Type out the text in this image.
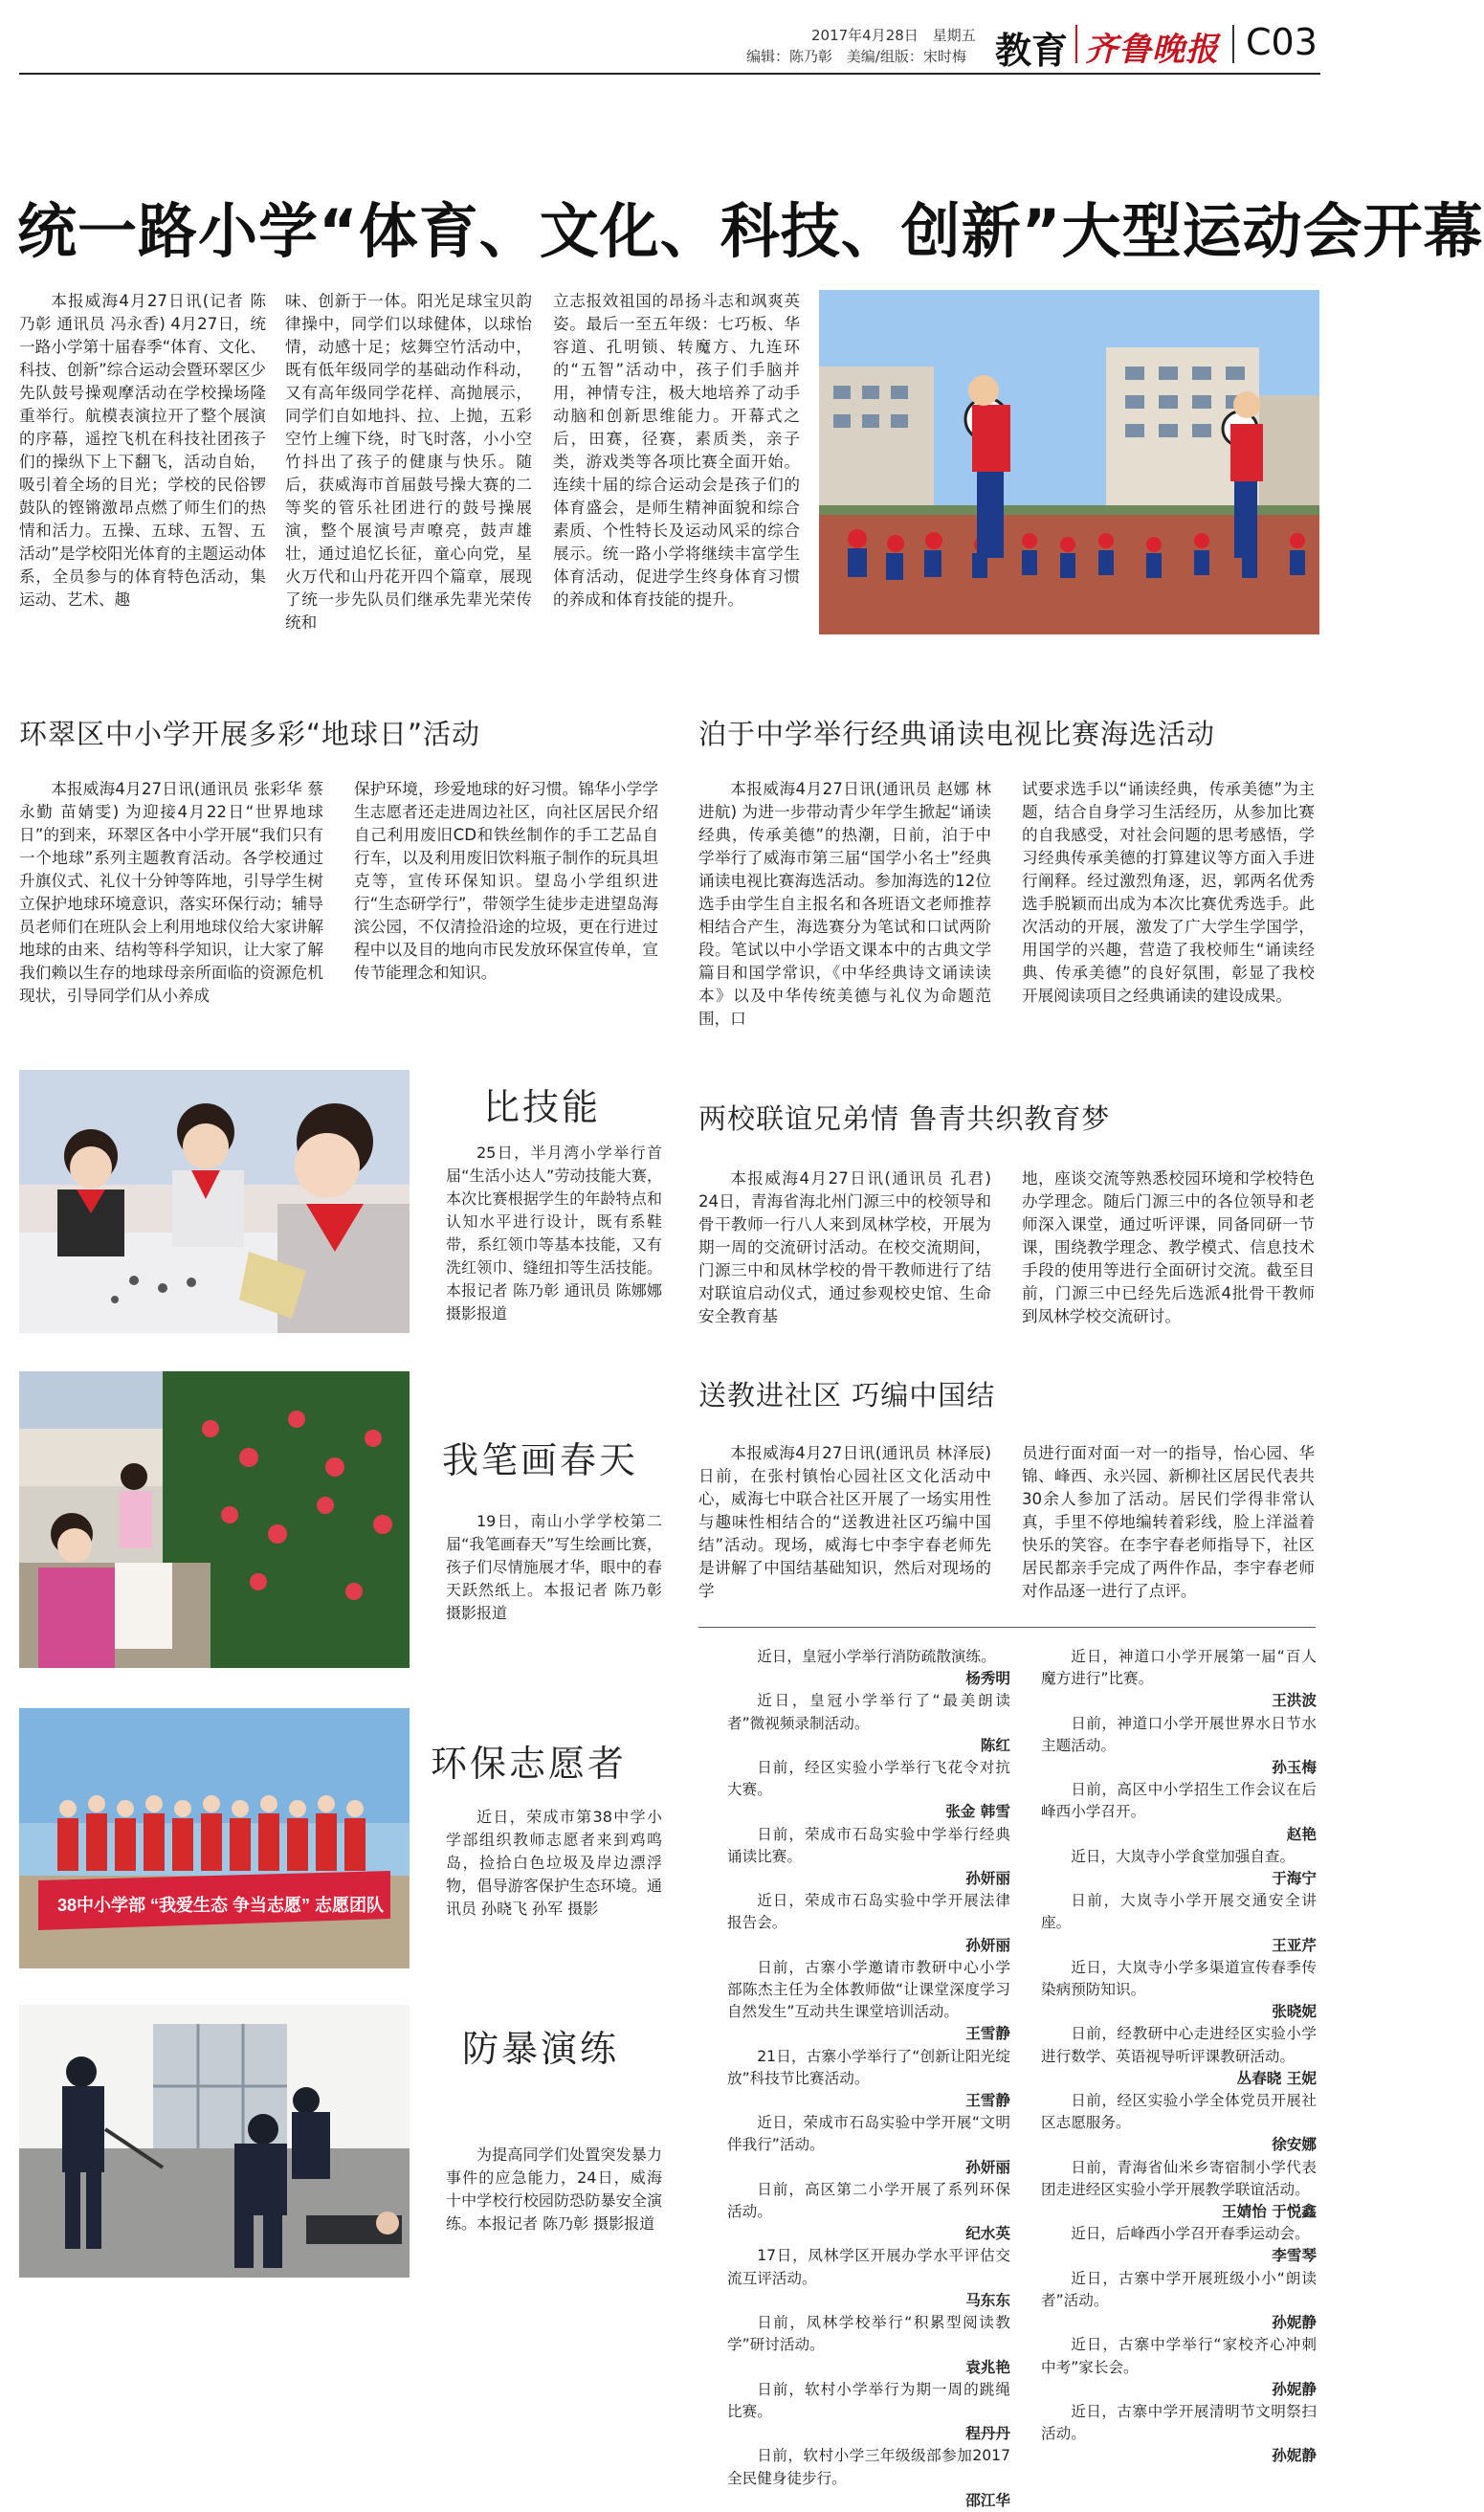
2017年4月28日 星期五
编辑：陈乃彰 美编/组版：宋时梅 教育 齐鲁晚报 C03
统一路小学“体育、文化、科技、创新”大型运动会开幕

本报威海4月27日讯(记者 陈乃彰 通讯员 冯永香) 4月27日，统一路小学第十届春季“体育、文化、科技、创新”综合运动会暨环翠区少先队鼓号操观摩活动在学校操场隆重举行。航模表演拉开了整个展演的序幕，遥控飞机在科技社团孩子们的操纵下上下翻飞，活动自始，吸引着全场的目光；学校的民俗锣鼓队的铿锵激昂点燃了师生们的热情和活力。五操、五球、五智、五活动”是学校阳光体育的主题运动体系，全员参与的体育特色活动，集运动、艺术、趣

味、创新于一体。阳光足球宝贝韵律操中，同学们以球健体，以球怡情，动感十足；炫舞空竹活动中，既有低年级同学的基础动作科动，又有高年级同学花样、高抛展示，同学们自如地抖、拉、上抛，五彩空竹上缠下绕，时飞时落，小小空竹抖出了孩子的健康与快乐。随后，获威海市首届鼓号操大赛的二等奖的管乐社团进行的鼓号操展演，整个展演号声嘹亮，鼓声雄壮，通过追忆长征，童心向党，星火万代和山丹花开四个篇章，展现了统一步先队员们继承先辈光荣传统和

立志报效祖国的昂扬斗志和飒爽英姿。最后一至五年级：七巧板、华容道、孔明锁、转魔方、九连环的“五智”活动中，孩子们手脑并用，神情专注，极大地培养了动手动脑和创新思维能力。开幕式之后，田赛，径赛，素质类，亲子类，游戏类等各项比赛全面开始。连续十届的综合运动会是孩子们的体育盛会，是师生精神面貌和综合素质、个性特长及运动风采的综合展示。统一路小学将继续丰富学生体育活动，促进学生终身体育习惯的养成和体育技能的提升。

环翠区中小学开展多彩“地球日”活动

本报威海4月27日讯(通讯员 张彩华 蔡永勤 苗婧雯) 为迎接4月22日“世界地球日”的到来，环翠区各中小学开展“我们只有一个地球”系列主题教育活动。各学校通过升旗仪式、礼仪十分钟等阵地，引导学生树立保护地球环境意识，落实环保行动；辅导员老师们在班队会上利用地球仪给大家讲解地球的由来、结构等科学知识，让大家了解我们赖以生存的地球母亲所面临的资源危机现状，引导同学们从小养成

保护环境，珍爱地球的好习惯。锦华小学学生志愿者还走进周边社区，向社区居民介绍自己利用废旧CD和铁丝制作的手工艺品自行车，以及利用废旧饮料瓶子制作的玩具坦克等，宣传环保知识。望岛小学组织进行“生态研学行”，带领学生徒步走进望岛海滨公园，不仅清捡沿途的垃圾，更在行进过程中以及目的地向市民发放环保宣传单，宣传节能理念和知识。

泊于中学举行经典诵读电视比赛海选活动

本报威海4月27日讯(通讯员 赵娜 林进航) 为进一步带动青少年学生掀起“诵读经典，传承美德”的热潮，日前，泊于中学举行了威海市第三届“国学小名士”经典诵读电视比赛海选活动。参加海选的12位选手由学生自主报名和各班语文老师推荐相结合产生，海选赛分为笔试和口试两阶段。笔试以中小学语文课本中的古典文学篇目和国学常识，《中华经典诗文诵读读本》以及中华传统美德与礼仪为命题范围，口

试要求选手以“诵读经典，传承美德”为主题，结合自身学习生活经历，从参加比赛的自我感受，对社会问题的思考感悟，学习经典传承美德的打算建议等方面入手进行阐释。经过激烈角逐，迟，郭两名优秀选手脱颖而出成为本次比赛优秀选手。此次活动的开展，激发了广大学生学国学，用国学的兴趣，营造了我校师生“诵读经典、传承美德”的良好氛围，彰显了我校开展阅读项目之经典诵读的建设成果。

比技能

25日，半月湾小学举行首届“生活小达人”劳动技能大赛，本次比赛根据学生的年龄特点和认知水平进行设计，既有系鞋带，系红领巾等基本技能，又有洗红领巾、缝纽扣等生活技能。本报记者 陈乃彰 通讯员 陈娜娜 摄影报道

两校联谊兄弟情 鲁青共织教育梦

本报威海4月27日讯(通讯员 孔君) 24日，青海省海北州门源三中的校领导和骨干教师一行八人来到凤林学校，开展为期一周的交流研讨活动。在校交流期间，门源三中和凤林学校的骨干教师进行了结对联谊启动仪式，通过参观校史馆、生命安全教育基

地，座谈交流等熟悉校园环境和学校特色办学理念。随后门源三中的各位领导和老师深入课堂，通过听评课，同备同研一节课，围绕教学理念、教学模式、信息技术手段的使用等进行全面研讨交流。截至目前，门源三中已经先后选派4批骨干教师到凤林学校交流研讨。

我笔画春天

19日，南山小学学校第二届“我笔画春天”写生绘画比赛，孩子们尽情施展才华，眼中的春天跃然纸上。本报记者 陈乃彰 摄影报道

送教进社区 巧编中国结

本报威海4月27日讯(通讯员 林泽辰) 日前，在张村镇怡心园社区文化活动中心，威海七中联合社区开展了一场实用性与趣味性相结合的“送教进社区巧编中国结”活动。现场，威海七中李宇春老师先是讲解了中国结基础知识，然后对现场的学

员进行面对面一对一的指导，怡心园、华锦、峰西、永兴园、新柳社区居民代表共30余人参加了活动。居民们学得非常认真，手里不停地编转着彩线，脸上洋溢着快乐的笑容。在李宇春老师指导下，社区居民都亲手完成了两件作品，李宇春老师对作品逐一进行了点评。

38中小学部 “我爱生态 争当志愿” 志愿团队
环保志愿者

近日，荣成市第38中学小学部组织教师志愿者来到鸡鸣岛，捡拾白色垃圾及岸边漂浮物，倡导游客保护生态环境。通讯员 孙晓飞 孙军 摄影

防暴演练

为提高同学们处置突发暴力事件的应急能力，24日，威海十中学校行校园防恐防暴安全演练。本报记者 陈乃彰 摄影报道

近日，皇冠小学举行消防疏散演练。
杨秀明
近日，皇冠小学举行了“最美朗读者”微视频录制活动。
陈红
日前，经区实验小学举行飞花令对抗大赛。
张金 韩雪
日前，荣成市石岛实验中学举行经典诵读比赛。
孙妍丽
近日，荣成市石岛实验中学开展法律报告会。
孙妍丽
日前，古寨小学邀请市教研中心小学部陈杰主任为全体教师做“让课堂深度学习自然发生”互动共生课堂培训活动。
王雪静
21日，古寨小学举行了“创新让阳光绽放”科技节比赛活动。
王雪静
近日，荣成市石岛实验中学开展“文明伴我行”活动。
孙妍丽
日前，高区第二小学开展了系列环保活动。
纪水英
17日，凤林学区开展办学水平评估交流互评活动。
马东东
日前，凤林学校举行“积累型阅读教学”研讨活动。
袁兆艳
日前，软村小学举行为期一周的跳绳比赛。
程丹丹
日前，软村小学三年级级部参加2017全民健身徒步行。
邵江华
近日，神道口小学开展第一届“百人魔方进行”比赛。
王洪波
日前，神道口小学开展世界水日节水主题活动。
孙玉梅
日前，高区中小学招生工作会议在后峰西小学召开。
赵艳
近日，大岚寺小学食堂加强自查。
于海宁
日前，大岚寺小学开展交通安全讲座。
王亚芹
近日，大岚寺小学多渠道宣传春季传染病预防知识。
张晓妮
日前，经教研中心走进经区实验小学进行数学、英语视导听评课教研活动。
丛春晓 王妮
日前，经区实验小学全体党员开展社区志愿服务。
徐安娜
日前，青海省仙米乡寄宿制小学代表团走进经区实验小学开展教学联谊活动。
王婧怡 于悦鑫
近日，后峰西小学召开春季运动会。
李雪琴
近日，古寨中学开展班级小小“朗读者”活动。
孙妮静
近日，古寨中学举行“家校齐心冲刺中考”家长会。
孙妮静
近日，古寨中学开展清明节文明祭扫活动。
孙妮静
